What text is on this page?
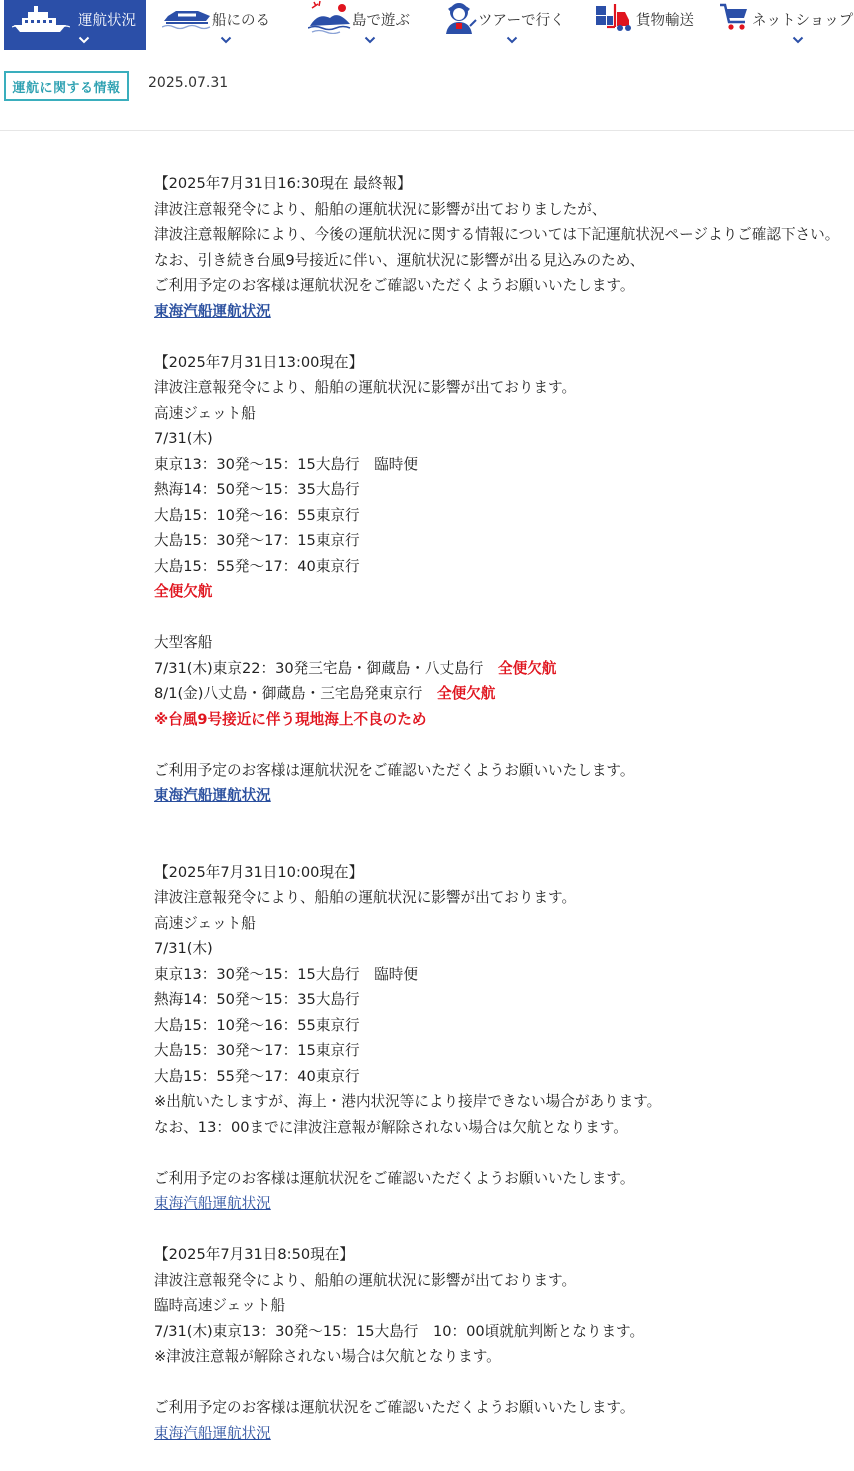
運航状況	船にのる	島で遊ぶ	ツアーで行く	貨物輸送	ネットショップ
運航に関する情報	2025.07.31
【2025年7月31日16:30現在 最終報】
津波注意報発令により、船舶の運航状況に影響が出ておりましたが、
津波注意報解除により、今後の運航状況に関する情報については下記運航状況ページよりご確認下さい。
なお、引き続き台風9号接近に伴い、運航状況に影響が出る見込みのため、
ご利用予定のお客様は運航状況をご確認いただくようお願いいたします。
東海汽船運航状況
【2025年7月31日13:00現在】
津波注意報発令により、船舶の運航状況に影響が出ております。
高速ジェット船
7/31(木)
東京13：30発～15：15大島行　臨時便
熱海14：50発～15：35大島行
大島15：10発～16：55東京行
大島15：30発～17：15東京行
大島15：55発～17：40東京行
全便欠航
大型客船
7/31(木)東京22：30発三宅島・御蔵島・八丈島行　全便欠航
8/1(金)八丈島・御蔵島・三宅島発東京行　全便欠航
※台風9号接近に伴う現地海上不良のため
ご利用予定のお客様は運航状況をご確認いただくようお願いいたします。
東海汽船運航状況
【2025年7月31日10:00現在】
津波注意報発令により、船舶の運航状況に影響が出ております。
高速ジェット船
7/31(木)
東京13：30発～15：15大島行　臨時便
熱海14：50発～15：35大島行
大島15：10発～16：55東京行
大島15：30発～17：15東京行
大島15：55発～17：40東京行
※出航いたしますが、海上・港内状況等により接岸できない場合があります。
なお、13：00までに津波注意報が解除されない場合は欠航となります。
ご利用予定のお客様は運航状況をご確認いただくようお願いいたします。
東海汽船運航状況
【2025年7月31日8:50現在】
津波注意報発令により、船舶の運航状況に影響が出ております。
臨時高速ジェット船
7/31(木)東京13：30発～15：15大島行　10：00頃就航判断となります。
※津波注意報が解除されない場合は欠航となります。
ご利用予定のお客様は運航状況をご確認いただくようお願いいたします。
東海汽船運航状況
